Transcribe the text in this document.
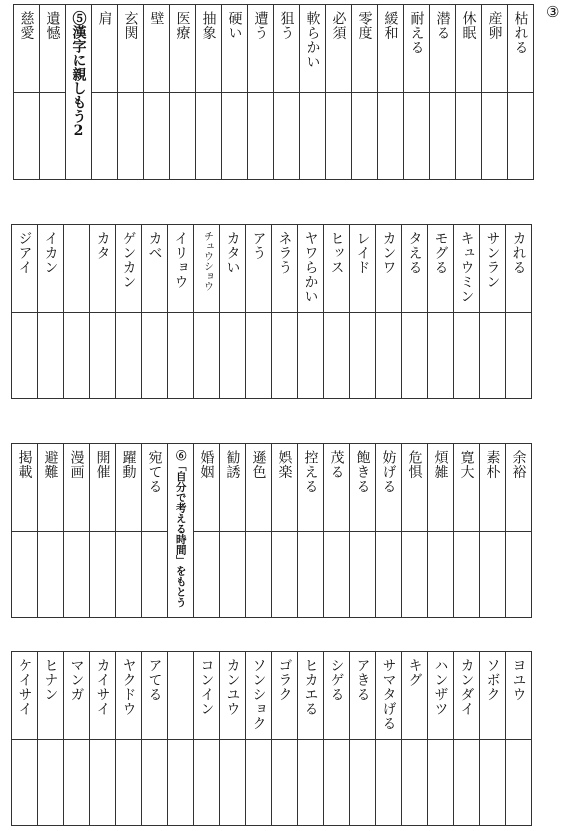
③
慈愛 遺憾 ⑤漢字に親しもう2 肩 玄関 壁 医療 抽象 硬い 遭う 狙う 軟らかい 必須 零度 緩和 耐える 潜る 休眠 産卵 枯れる
ジアイ イカン	カタ ゲンカン カベ イリョウ チュウショウ カタい アう ネラう ヤワらかい ヒッス レイド カンワ タえる モグる キュウミン サンラン カれる
掲載 避難 漫画 開催 躍動 宛てる ⑥「自分で考える時間」をもとう 婚姻 勧誘 遜色 娯楽 控える 茂る 飽きる 妨げる 危惧 煩雑 寛大 素朴 余裕
ケイサイ ヒナン マンガ カイサイ ヤクドウ アてる	コンイン カンユウ ソンショク ゴラク ヒカエる シゲる アきる サマタげる キグ ハンザツ カンダイ ソボク ヨユウ
